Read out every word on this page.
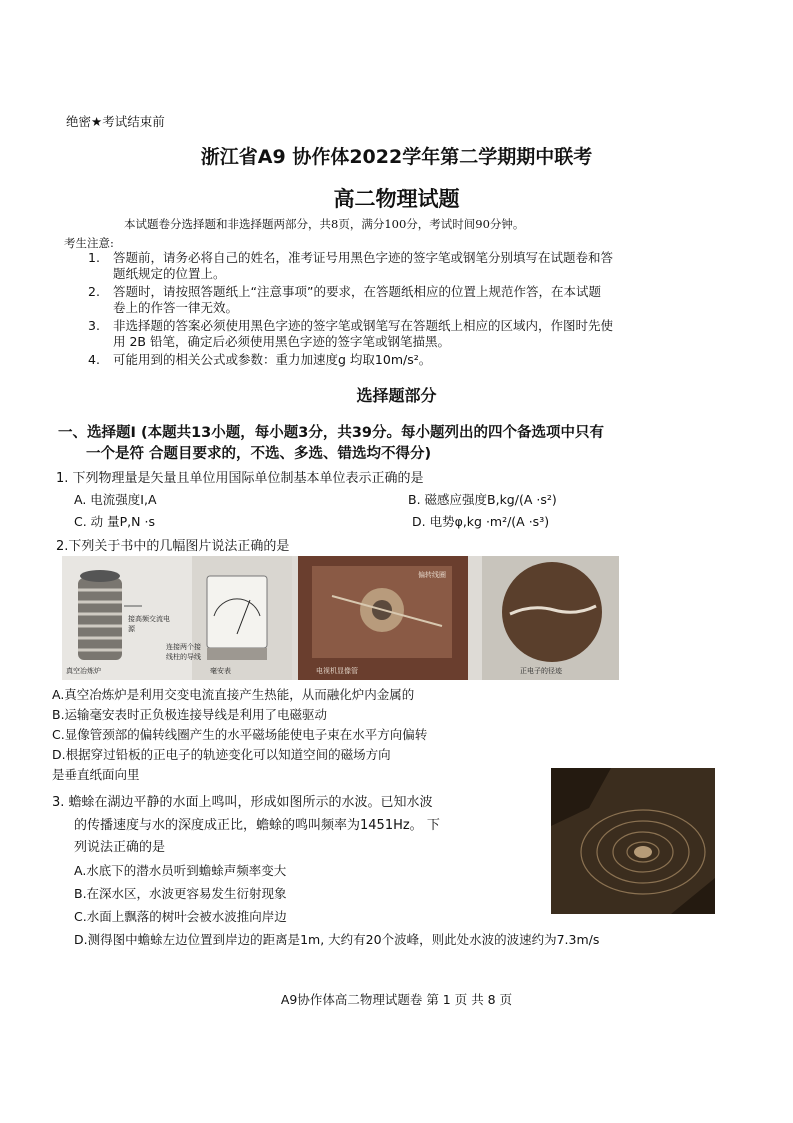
绝密★考试结束前
浙江省A9 协作体2022学年第二学期期中联考
高二物理试题
本试题卷分选择题和非选择题两部分，共8页，满分100分，考试时间90分钟。
考生注意:
1. 答题前，请务必将自己的姓名，准考证号用黑色字迹的签字笔或钢笔分别填写在试题卷和答
题纸规定的位置上。
2. 答题时，请按照答题纸上“注意事项”的要求，在答题纸相应的位置上规范作答，在本试题
卷上的作答一律无效。
3. 非选择题的答案必须使用黑色字迹的签字笔或钢笔写在答题纸上相应的区域内，作图时先使
用 2B 铅笔，确定后必须使用黑色字迹的签字笔或钢笔描黑。
4. 可能用到的相关公式或参数：重力加速度g 均取10m/s²。
选择题部分
一、选择题Ⅰ (本题共13小题，每小题3分，共39分。每小题列出的四个备选项中只有
一个是符 合题目要求的，不选、多选、错选均不得分)
1. 下列物理量是矢量且单位用国际单位制基本单位表示正确的是
A. 电流强度I,A	B. 磁感应强度B,kg/(A ·s²)
C. 动 量P,N ·s	D. 电势φ,kg ·m²/(A ·s³)
2.下列关于书中的几幅图片说法正确的是
真空冶炼炉
接高频交流电源
连接两个接线柱的导线
毫安表
偏转线圈
电视机显像管	正电子的径迹
A.真空冶炼炉是利用交变电流直接产生热能，从而融化炉内金属的
B.运输毫安表时正负极连接导线是利用了电磁驱动
C.显像管颈部的偏转线圈产生的水平磁场能使电子束在水平方向偏转
D.根据穿过铅板的正电子的轨迹变化可以知道空间的磁场方向
是垂直纸面向里
3. 蟾蜍在湖边平静的水面上鸣叫，形成如图所示的水波。已知水波
的传播速度与水的深度成正比，蟾蜍的鸣叫频率为1451Hz。 下
列说法正确的是
A.水底下的潜水员听到蟾蜍声频率变大
B.在深水区，水波更容易发生衍射现象
C.水面上飘落的树叶会被水波推向岸边
D.测得图中蟾蜍左边位置到岸边的距离是1m, 大约有20个波峰，则此处水波的波速约为7.3m/s
A9协作体高二物理试题卷 第 1 页 共 8 页
